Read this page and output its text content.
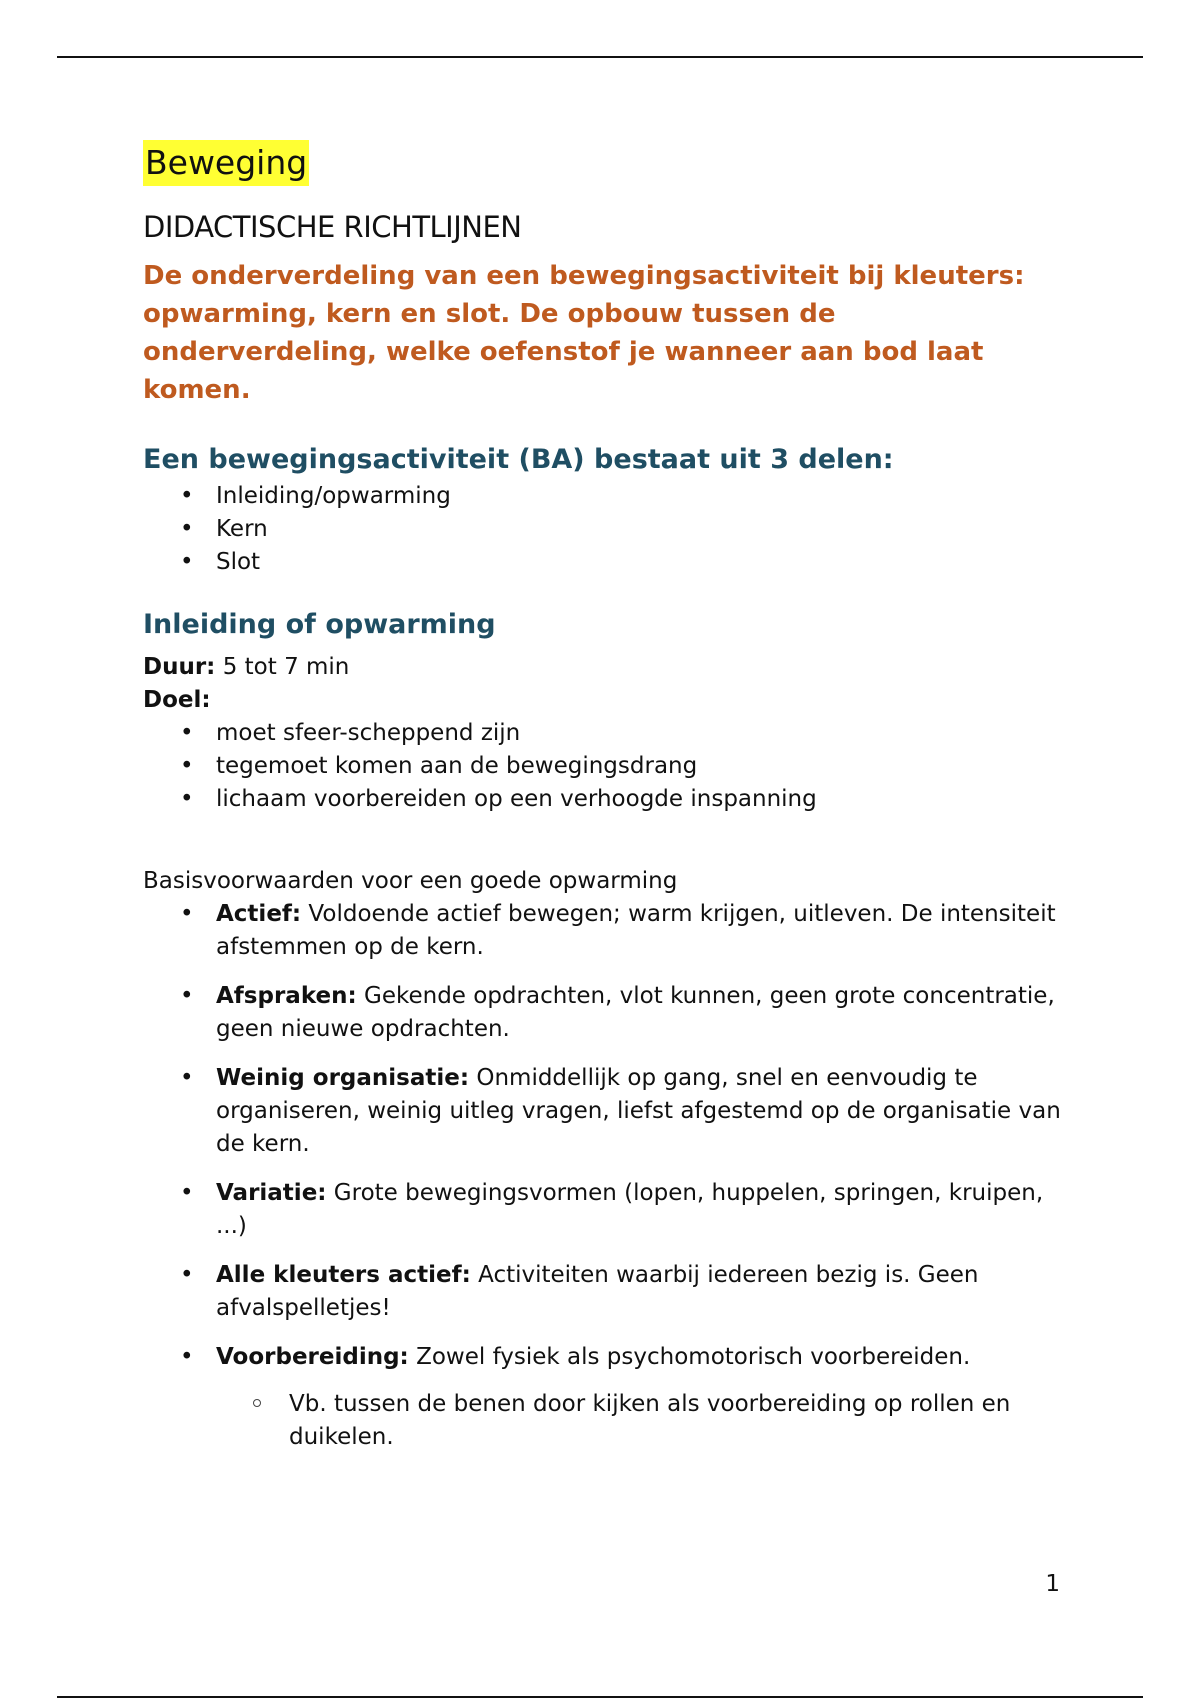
Beweging
DIDACTISCHE RICHTLIJNEN

De onderverdeling van een bewegingsactiviteit bij kleuters: opwarming, kern en slot. De opbouw tussen de onderverdeling, welke oefenstof je wanneer aan bod laat komen.

Een bewegingsactiviteit (BA) bestaat uit 3 delen:
• Inleiding/opwarming
• Kern
• Slot
Inleiding of opwarming

Duur: 5 tot 7 min
Doel:

• moet sfeer-scheppend zijn
• tegemoet komen aan de bewegingsdrang
• lichaam voorbereiden op een verhoogde inspanning

Basisvoorwaarden voor een goede opwarming

• Actief: Voldoende actief bewegen; warm krijgen, uitleven. De intensiteit afstemmen op de kern.
• Afspraken: Gekende opdrachten, vlot kunnen, geen grote concentratie, geen nieuwe opdrachten.
• Weinig organisatie: Onmiddellijk op gang, snel en eenvoudig te organiseren, weinig uitleg vragen, liefst afgestemd op de organisatie van de kern.
• Variatie: Grote bewegingsvormen (lopen, huppelen, springen, kruipen, ...)
• Alle kleuters actief: Activiteiten waarbij iedereen bezig is. Geen afvalspelletjes!
• Voorbereiding: Zowel fysiek als psychomotorisch voorbereiden.
Vb. tussen de benen door kijken als voorbereiding op rollen en duikelen.
1
